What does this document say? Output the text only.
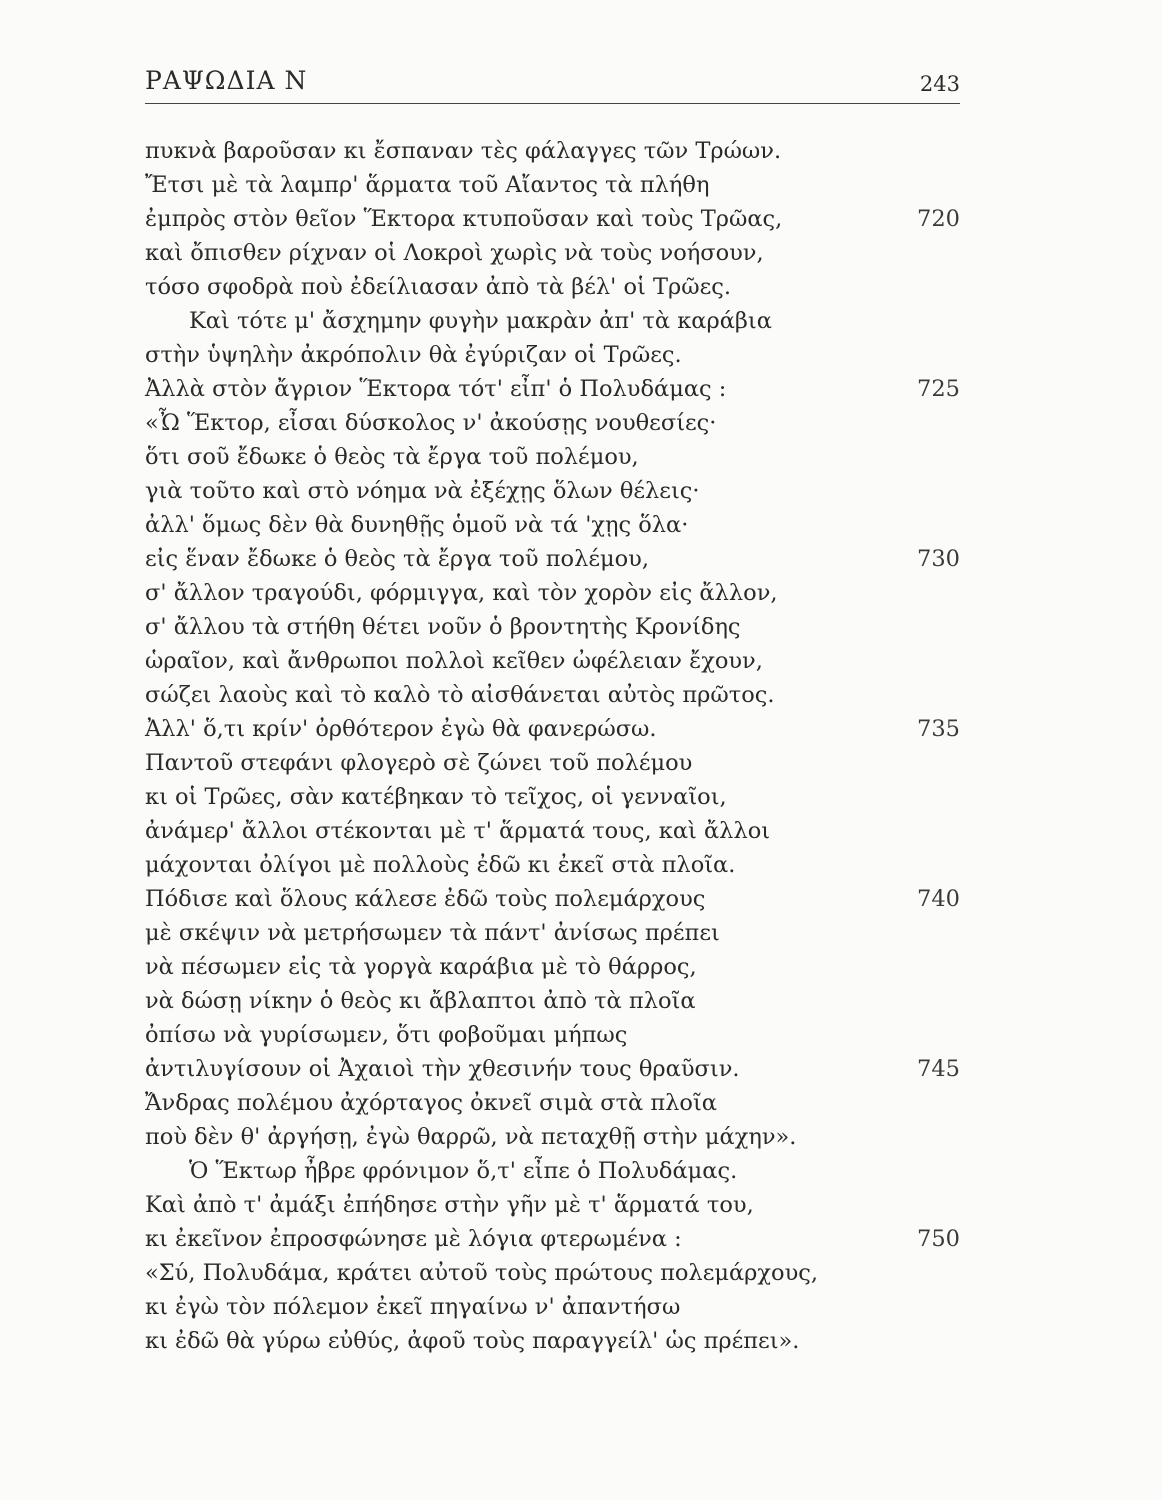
ΡΑΨΩΔΙΑ Ν	243
πυκνὰ βαροῦσαν κι ἔσπαναν τὲς φάλαγγες τῶν Τρώων.
Ἔτσι μὲ τὰ λαμπρ' ἅρματα τοῦ Αἴαντος τὰ πλήθη
ἐμπρὸς στὸν θεῖον Ἕκτορα κτυποῦσαν καὶ τοὺς Τρῶας,	720
καὶ ὄπισθεν ρίχναν οἱ Λοκροὶ χωρὶς νὰ τοὺς νοήσουν,
τόσο σφοδρὰ ποὺ ἐδείλιασαν ἀπὸ τὰ βέλ' οἱ Τρῶες.
Καὶ τότε μ' ἄσχημην φυγὴν μακρὰν ἀπ' τὰ καράβια
στὴν ὑψηλὴν ἀκρόπολιν θὰ ἐγύριζαν οἱ Τρῶες.
Ἀλλὰ στὸν ἄγριον Ἕκτορα τότ' εἶπ' ὁ Πολυδάμας :	725
«Ὦ Ἕκτορ, εἶσαι δύσκολος ν' ἀκούσῃς νουθεσίες·
ὅτι σοῦ ἔδωκε ὁ θεὸς τὰ ἔργα τοῦ πολέμου,
γιὰ τοῦτο καὶ στὸ νόημα νὰ ἐξέχῃς ὅλων θέλεις·
ἀλλ' ὅμως δὲν θὰ δυνηθῇς ὁμοῦ νὰ τά 'χῃς ὅλα·
εἰς ἕναν ἔδωκε ὁ θεὸς τὰ ἔργα τοῦ πολέμου,	730
σ' ἄλλον τραγούδι, φόρμιγγα, καὶ τὸν χορὸν εἰς ἄλλον,
σ' ἄλλου τὰ στήθη θέτει νοῦν ὁ βροντητὴς Κρονίδης
ὡραῖον, καὶ ἄνθρωποι πολλοὶ κεῖθεν ὠφέλειαν ἔχουν,
σώζει λαοὺς καὶ τὸ καλὸ τὸ αἰσθάνεται αὐτὸς πρῶτος.
Ἀλλ' ὅ,τι κρίν' ὀρθότερον ἐγὼ θὰ φανερώσω.	735
Παντοῦ στεφάνι φλογερὸ σὲ ζώνει τοῦ πολέμου
κι οἱ Τρῶες, σὰν κατέβηκαν τὸ τεῖχος, οἱ γενναῖοι,
ἀνάμερ' ἄλλοι στέκονται μὲ τ' ἅρματά τους, καὶ ἄλλοι
μάχονται ὀλίγοι μὲ πολλοὺς ἐδῶ κι ἐκεῖ στὰ πλοῖα.
Πόδισε καὶ ὅλους κάλεσε ἐδῶ τοὺς πολεμάρχους	740
μὲ σκέψιν νὰ μετρήσωμεν τὰ πάντ' ἀνίσως πρέπει
νὰ πέσωμεν εἰς τὰ γοργὰ καράβια μὲ τὸ θάρρος,
νὰ δώσῃ νίκην ὁ θεὸς κι ἄβλαπτοι ἀπὸ τὰ πλοῖα
ὀπίσω νὰ γυρίσωμεν, ὅτι φοβοῦμαι μήπως
ἀντιλυγίσουν οἱ Ἀχαιοὶ τὴν χθεσινήν τους θραῦσιν.	745
Ἄνδρας πολέμου ἀχόρταγος ὀκνεῖ σιμὰ στὰ πλοῖα
ποὺ δὲν θ' ἀργήσῃ, ἐγὼ θαρρῶ, νὰ πεταχθῇ στὴν μάχην».
Ὁ Ἕκτωρ ἦβρε φρόνιμον ὅ,τ' εἶπε ὁ Πολυδάμας.
Καὶ ἀπὸ τ' ἀμάξι ἐπήδησε στὴν γῆν μὲ τ' ἅρματά του,
κι ἐκεῖνον ἐπροσφώνησε μὲ λόγια φτερωμένα :	750
«Σύ, Πολυδάμα, κράτει αὐτοῦ τοὺς πρώτους πολεμάρχους,
κι ἐγὼ τὸν πόλεμον ἐκεῖ πηγαίνω ν' ἀπαντήσω
κι ἐδῶ θὰ γύρω εὐθύς, ἀφοῦ τοὺς παραγγείλ' ὡς πρέπει».
